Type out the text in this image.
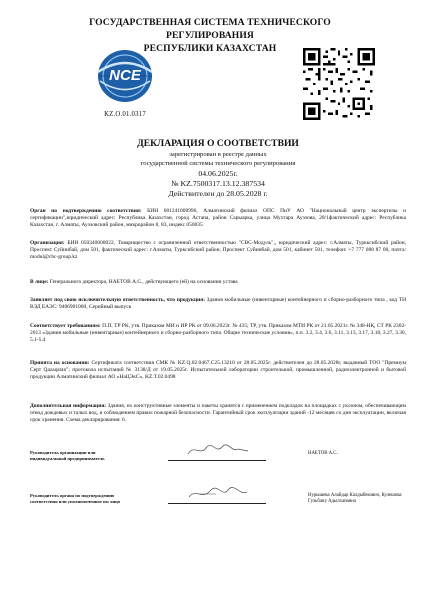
ГОСУДАРСТВЕННАЯ СИСТЕМА ТЕХНИЧЕСКОГО РЕГУЛИРОВАНИЯ
РЕСПУБЛИКИ КАЗАХСТАН
NCE
KZ.O.01.0317
ДЕКЛАРАЦИЯ О СООТВЕТСТВИИ
зарегистрирован в реестре данных
государственной системы технического регулирования
04.06.2025г.
№ KZ.7500317.13.12.387534
Действителен до 28.05.2028 г.
Орган по подтверждению соответствия: БИН 001241000996, Алматинский филиал ОПС ПиУ АО "Национальный центр экспертизы и сертификации",юридический адрес: Республика Казахстан, город Астана, район Сарыарка, улица Мухтара Ауэзова, 28/1фактический адрес: Республика Казахстан, г. Алматы, Ауэзовский район, микрорайон 8, 83, индекс 050035
Организация: БИН 050340000022, Товарищество с ограниченной ответственностью "СВС-Модуль",, юридический адрес: г.Алматы, Туркксибский район, Проспект Суйинбай, дом 501, фактический адрес: г.Алматы, Турксибский район, Проспект Суйинбай, дом 501, кабинет 501, телефон: +7 777 088 87 00, почта: modul@cbc-group.kz
В лице: Генерального директора, НАЕТОВ А.С., действующего (ей) на основании устава
Заявляет под свою исключительную ответственность, что продукция: Здания мобильные (инвентарные) контейнерного и сборно-разборного типа , код ТН ВЭД ЕАЭС: 9406901000, Серийный выпуск
Соответствует требованиям: П.П. ТР РК, утв. Приказом МИ и ИР РК от 09.06.2023г. № 435; ТР, утв. Приказом МТИ РК от 21.05.2021г. № 348-НҚ, СТ РК 2302-2013 «Здания мобильные (инвентарные) контейнерного и сборно-разборного типа. Общие технические условия», п.п. 3.2, 3.4, 3.6, 3.11, 3.13, 3.17, 3.18, 3.27, 3.30, 5.1-5.4
Принята на основании: Сертификата соответствия СМК № KZ.Q.02.0467.C25.13210 от 28.05.2025г. действителен до 28.05.2028г, выданный ТОО "Премиум Серт Qazaqstan"; протокола испытаний № 3138/Д от 19.05.2025г. Испытательной лаборатории строительной, промышленной, радиоэлектронной и бытовой продукции Алматинский филиал АО «НаЦЭкС», KZ.T.02.0498
Дополнительная информация: Здания, их конструктивные элементы и пакеты хранятся с применением подкладок на площадках с уклоном, обеспечивающим отвод дождевых и талых вод, и соблюдением правил пожарной безопасности. Гарантийный срок эксплуатации зданий -12 месяцев со дня эксплуатации, включая срок хранения. Схема декларирования: 6.
Руководитель организации или индивидуальный предприниматель
НАЕТОВ А.С.
Руководитель органа по подтверждению соответствия или уполномоченное им лицо
Нурышева Алайдар Калдыбекович, Кулешова Гульбану Адылхановна
